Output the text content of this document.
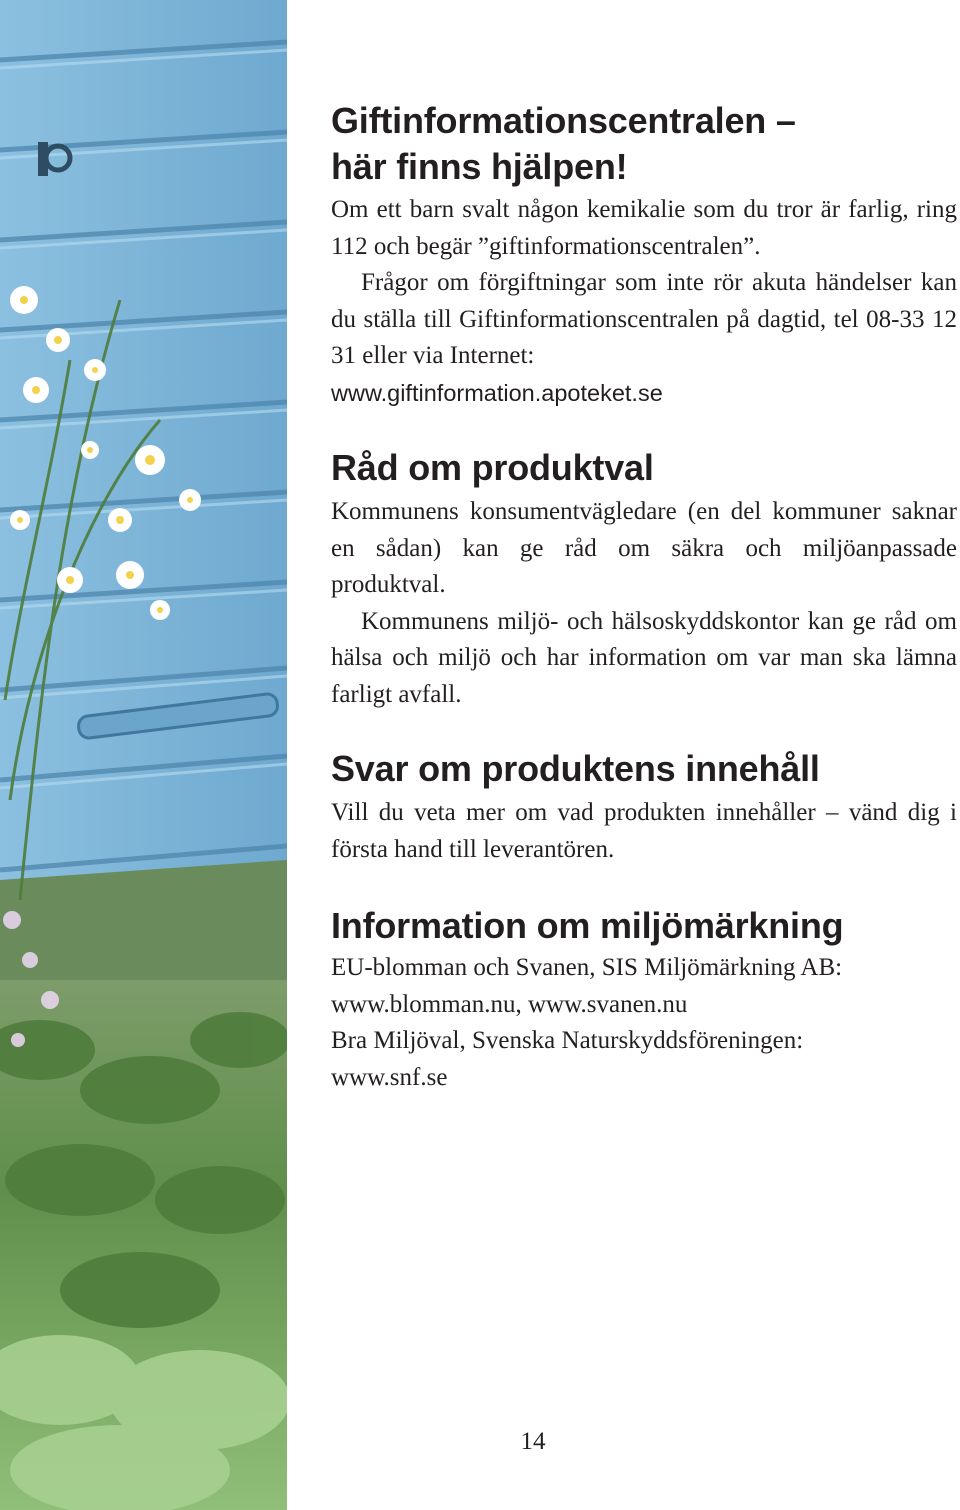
Giftinformationscentralen –
här finns hjälpen!

Om ett barn svalt någon kemikalie som du tror är farlig, ring 112 och begär ”giftinformationscentralen”.

Frågor om förgiftningar som inte rör akuta händelser kan du ställa till Giftinformationscentralen på dagtid, tel 08-33 12 31 eller via Internet:

www.giftinformation.apoteket.se

Råd om produktval

Kommunens konsumentvägledare (en del kommuner saknar en sådan) kan ge råd om säkra och miljöanpassade produktval.

Kommunens miljö- och hälsoskyddskontor kan ge råd om hälsa och miljö och har information om var man ska lämna farligt avfall.

Svar om produktens innehåll

Vill du veta mer om vad produkten innehåller – vänd dig i första hand till leverantören.

Information om miljömärkning

EU-blomman och Svanen, SIS Miljömärkning AB:

www.blomman.nu, www.svanen.nu

Bra Miljöval, Svenska Naturskyddsföreningen:

www.snf.se

14
